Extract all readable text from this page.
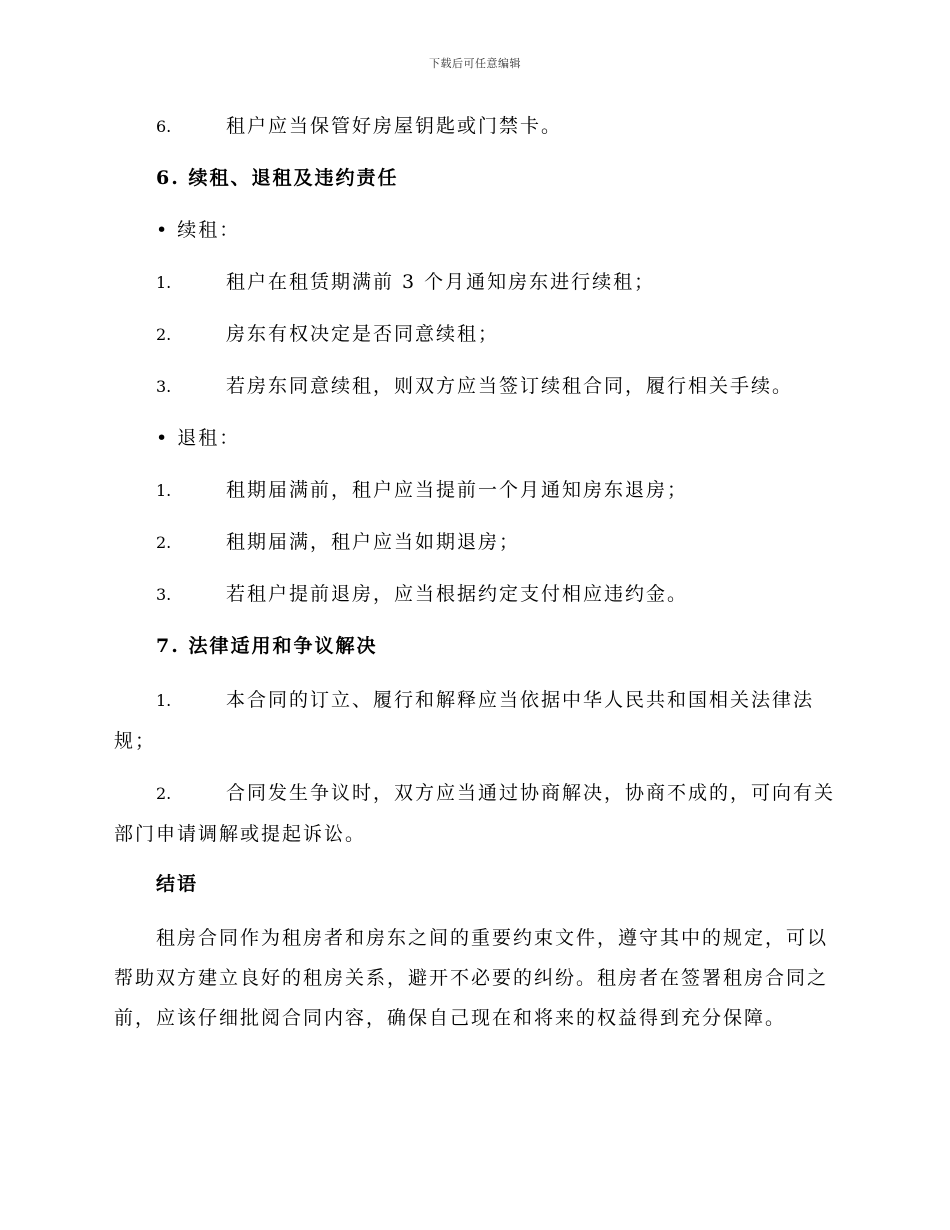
下载后可任意编辑
6.	租户应当保管好房屋钥匙或门禁卡。
6. 续租、退租及违约责任
• 续租：
1.	租户在租赁期满前 3 个月通知房东进行续租；
2.	房东有权决定是否同意续租；
3.	若房东同意续租，则双方应当签订续租合同，履行相关手续。
• 退租：
1.	租期届满前，租户应当提前一个月通知房东退房；
2.	租期届满，租户应当如期退房；
3.	若租户提前退房，应当根据约定支付相应违约金。
7. 法律适用和争议解决
1.	本合同的订立、履行和解释应当依据中华人民共和国相关法律法规；
2.	合同发生争议时，双方应当通过协商解决，协商不成的，可向有关部门申请调解或提起诉讼。
结语
租房合同作为租房者和房东之间的重要约束文件，遵守其中的规定，可以帮助双方建立良好的租房关系，避开不必要的纠纷。租房者在签署租房合同之前，应该仔细批阅合同内容，确保自己现在和将来的权益得到充分保障。
